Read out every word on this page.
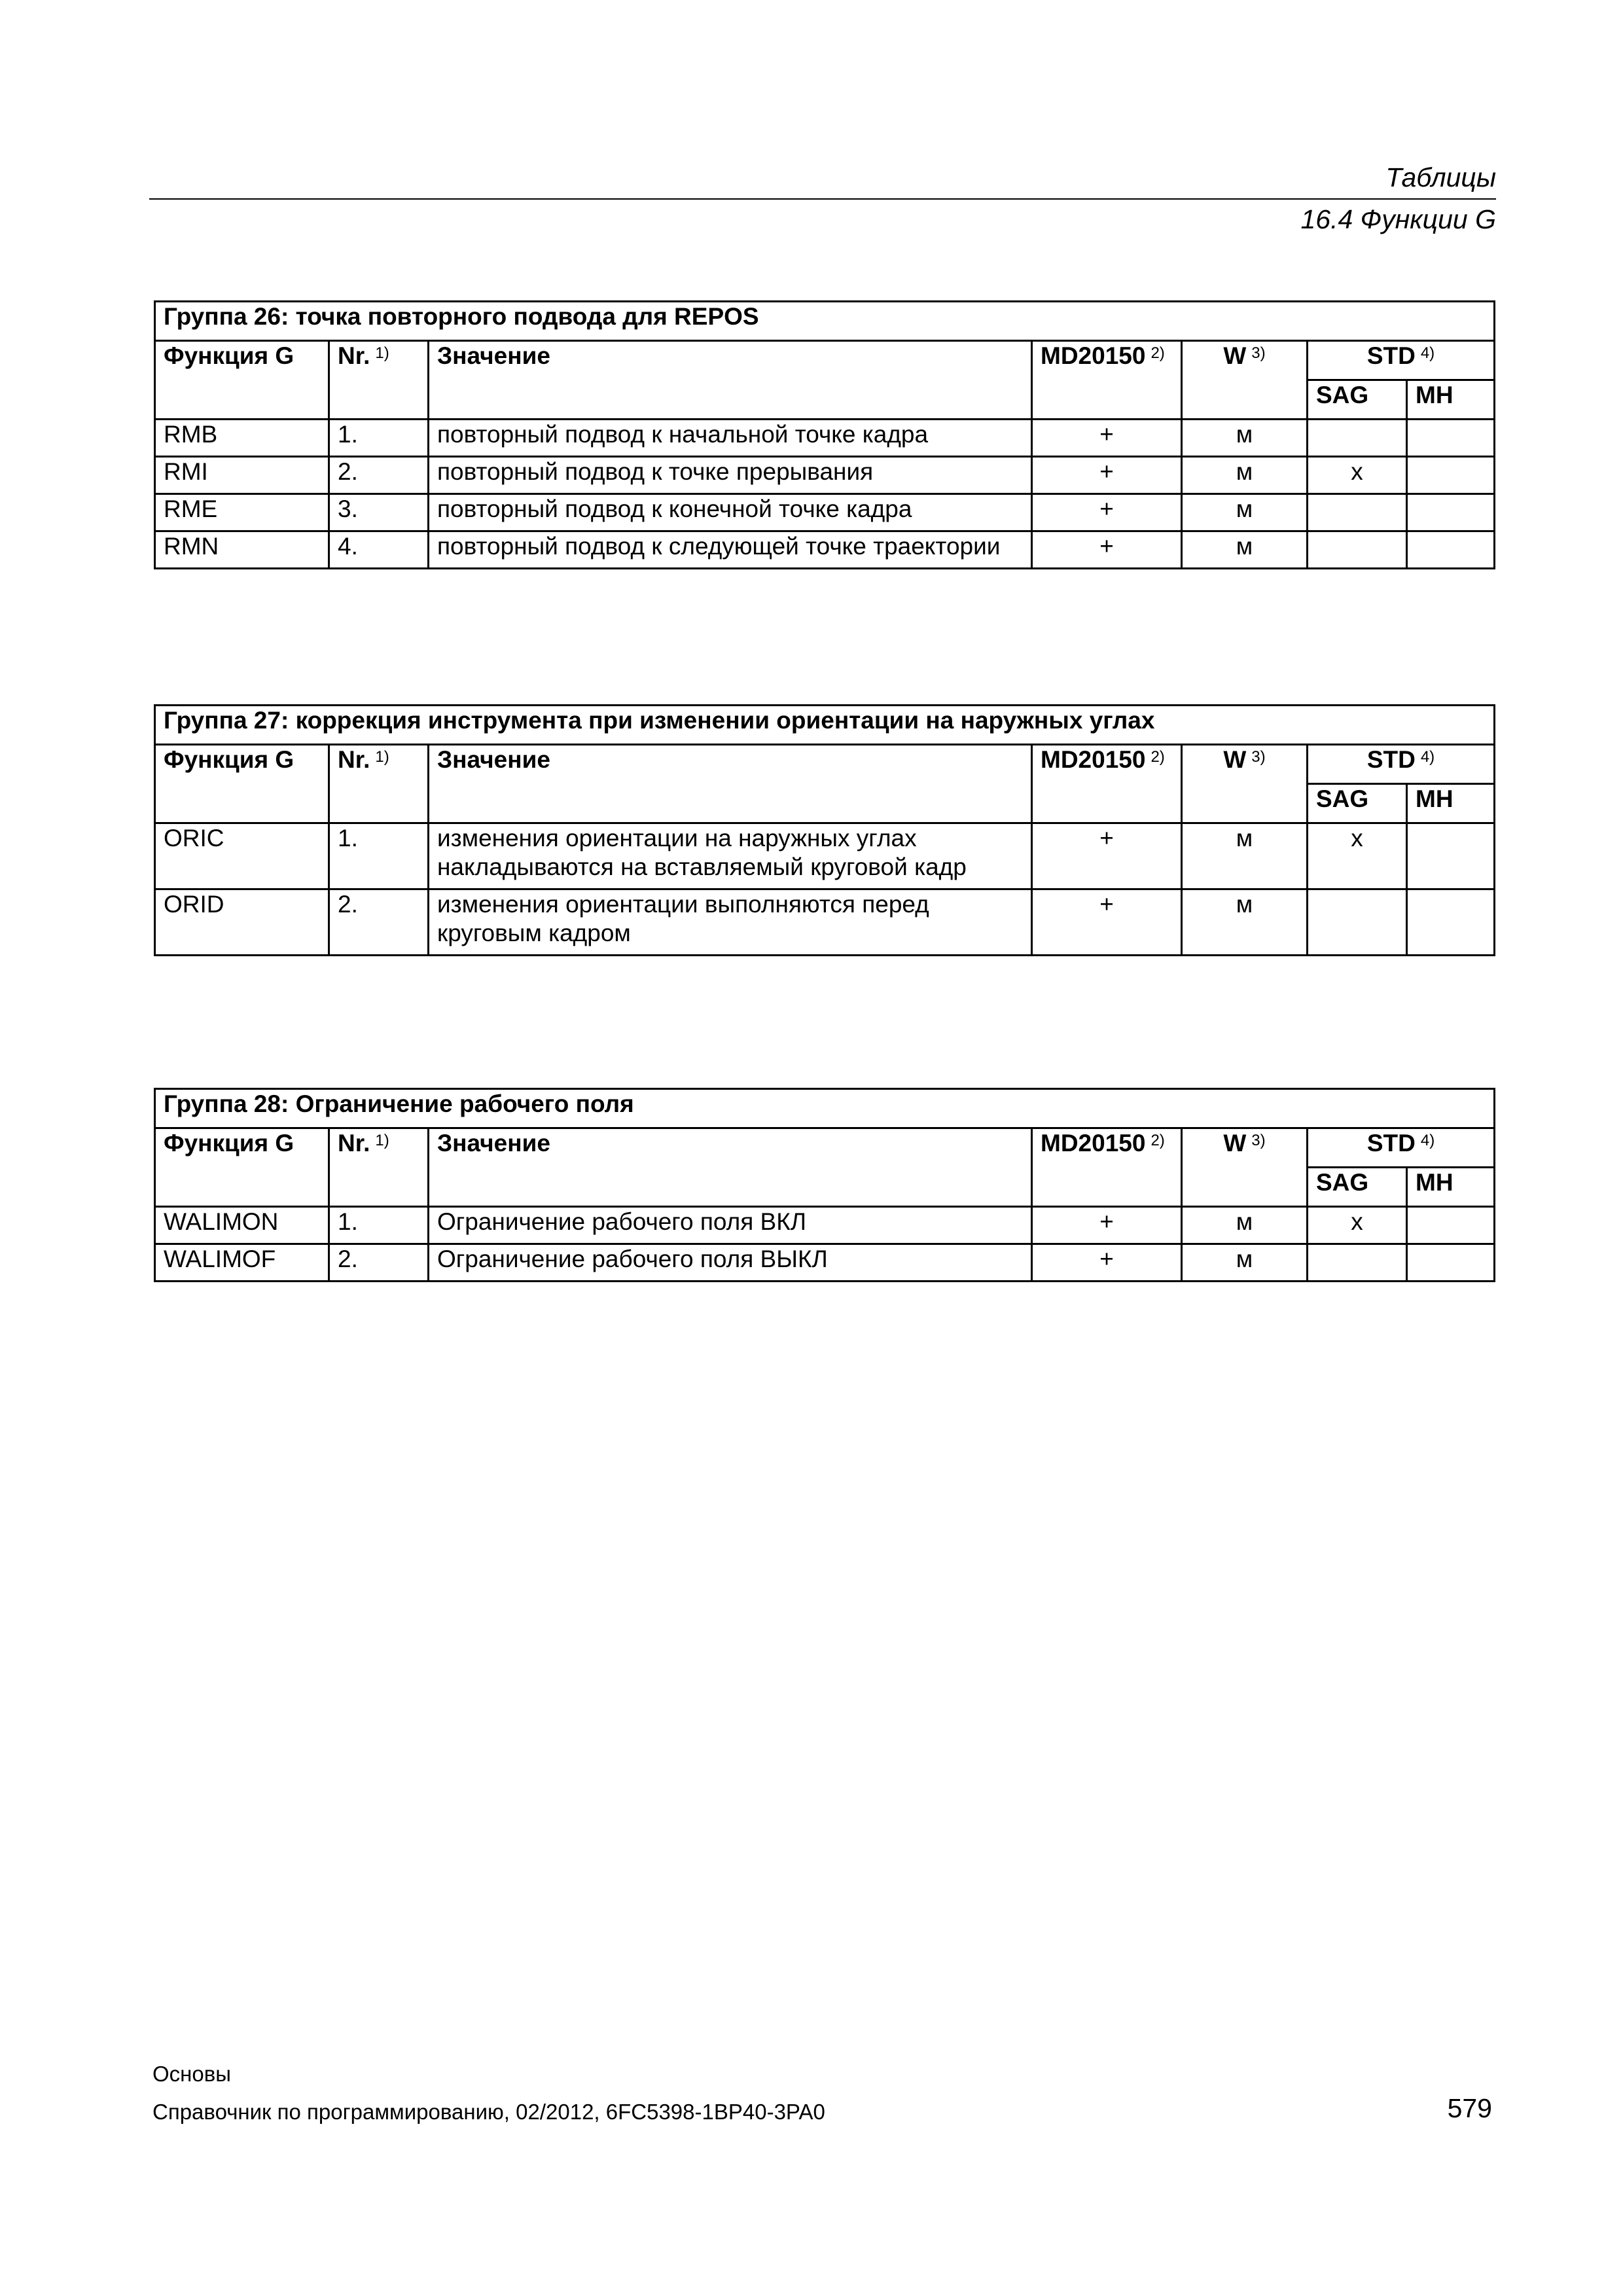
Таблицы
16.4 Функции G
Группа 26: точка повторного подвода для REPOS						
Функция G	Nr. $^{1)}$	Значение	MD20150 $^{2)}$	W $^{3)}$	STD $^{4)}$
					SAG	MH
RMB	1.	повторный подвод к начальной точке кадра	+	м		
RMI	2.	повторный подвод к точке прерывания	+	м	x	
RME	3.	повторный подвод к конечной точке кадра	+	м		
RMN	4.	повторный подвод к следующей точке траектории	+	м		
Группа 27: коррекция инструмента при изменении ориентации на наружных углах						
Функция G	Nr. $^{1)}$	Значение	MD20150 $^{2)}$	W $^{3)}$	STD $^{4)}$
					SAG	MH
ORIC	1.	изменения ориентации на наружных углах
накладываются на вставляемый круговой кадр	+	м	x	
ORID	2.	изменения ориентации выполняются перед
круговым кадром	+	м		
Группа 28: Ограничение рабочего поля						
Функция G	Nr. $^{1)}$	Значение	MD20150 $^{2)}$	W $^{3)}$	STD $^{4)}$
					SAG	MH
WALIMON	1.	Ограничение рабочего поля ВКЛ	+	м	x	
WALIMOF	2.	Ограничение рабочего поля ВЫКЛ	+	м		
Основы
Справочник по программированию, 02/2012, 6FC5398-1BP40-3PA0	579
